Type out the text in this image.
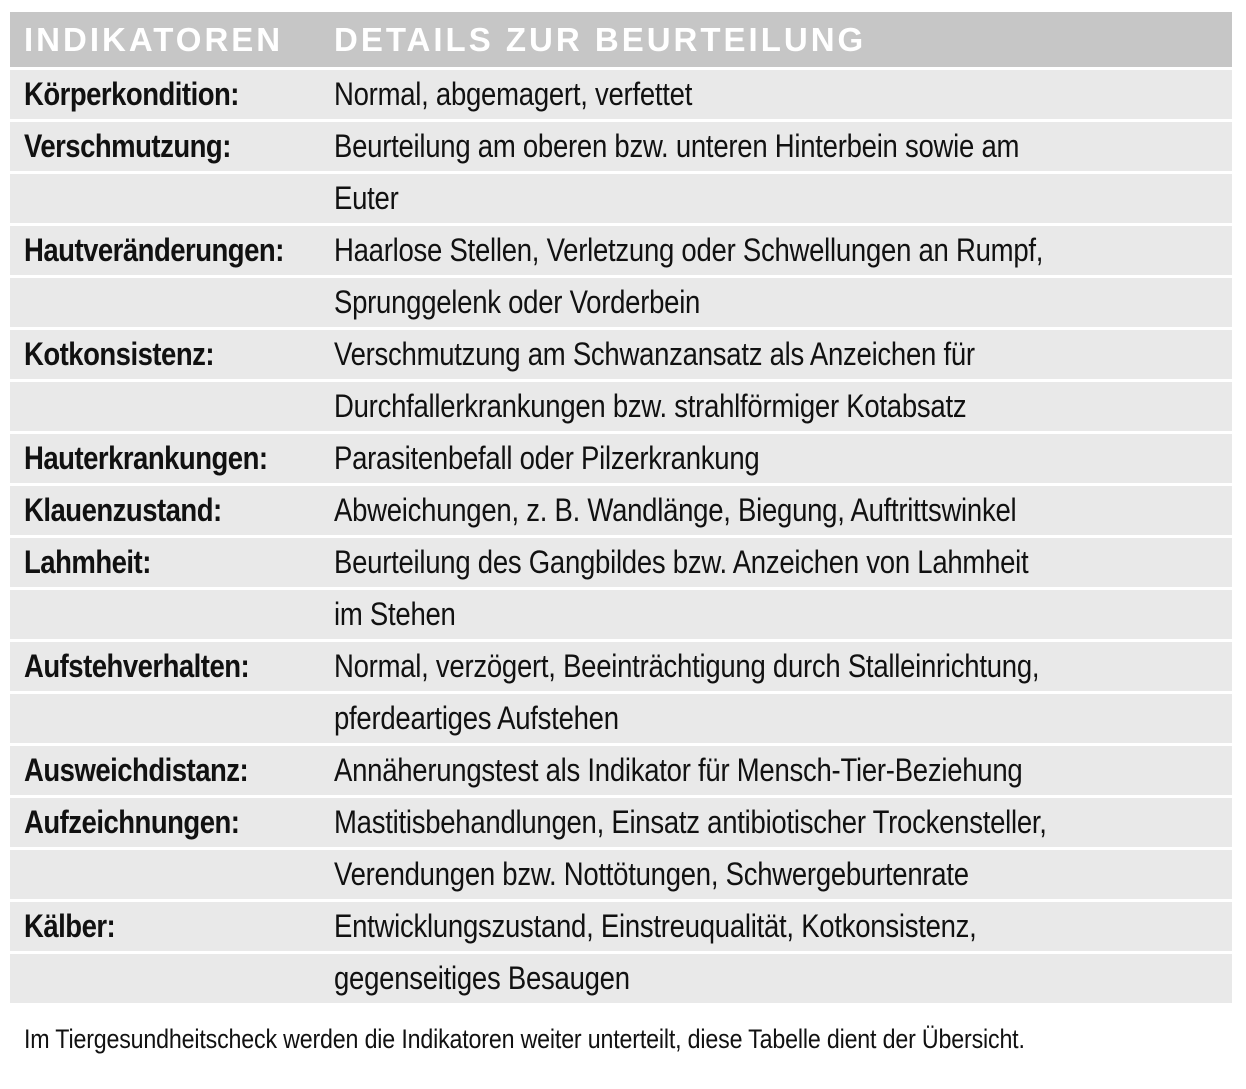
INDIKATOREN DETAILS ZUR BEURTEILUNG
Körperkondition:	Normal, abgemagert, verfettet
Verschmutzung:	Beurteilung am oberen bzw. unteren Hinterbein sowie am
Euter
Hautveränderungen: Haarlose Stellen, Verletzung oder Schwellungen an Rumpf,
Sprunggelenk oder Vorderbein
Kotkonsistenz:	Verschmutzung am Schwanzansatz als Anzeichen für
Durchfallerkrankungen bzw. strahlförmiger Kotabsatz
Hauterkrankungen: Parasitenbefall oder Pilzerkrankung
Klauenzustand:	Abweichungen, z. B. Wandlänge, Biegung, Auftrittswinkel
Lahmheit:	Beurteilung des Gangbildes bzw. Anzeichen von Lahmheit
im Stehen
Aufstehverhalten:	Normal, verzögert, Beeinträchtigung durch Stalleinrichtung,
pferdeartiges Aufstehen
Ausweichdistanz:	Annäherungstest als Indikator für Mensch-Tier-Beziehung
Aufzeichnungen:	Mastitisbehandlungen, Einsatz antibiotischer Trockensteller,
Verendungen bzw. Nottötungen, Schwergeburtenrate
Kälber:	Entwicklungszustand, Einstreuqualität, Kotkonsistenz,
gegenseitiges Besaugen
Im Tiergesundheitscheck werden die Indikatoren weiter unterteilt, diese Tabelle dient der Übersicht.
